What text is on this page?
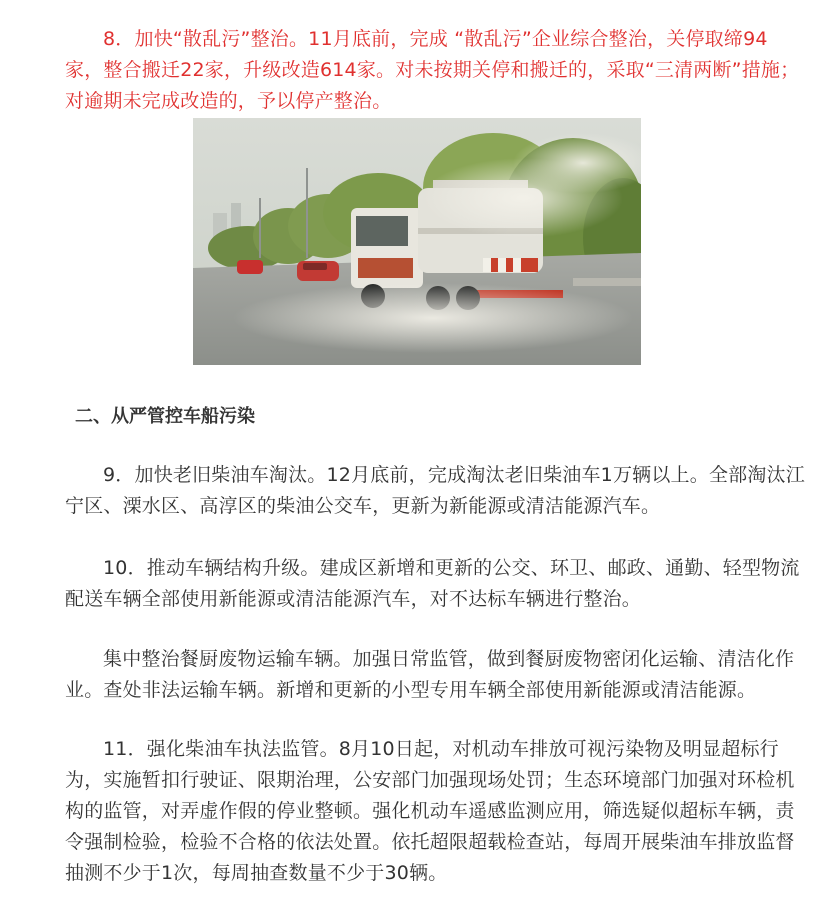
8．加快“散乱污”整治。11月底前，完成 “散乱污”企业综合整治，关停取缔94家，整合搬迁22家，升级改造614家。对未按期关停和搬迁的，采取“三清两断”措施；对逾期未完成改造的，予以停产整治。

二、从严管控车船污染

9．加快老旧柴油车淘汰。12月底前，完成淘汰老旧柴油车1万辆以上。全部淘汰江宁区、溧水区、高淳区的柴油公交车，更新为新能源或清洁能源汽车。

10．推动车辆结构升级。建成区新增和更新的公交、环卫、邮政、通勤、轻型物流配送车辆全部使用新能源或清洁能源汽车，对不达标车辆进行整治。

集中整治餐厨废物运输车辆。加强日常监管，做到餐厨废物密闭化运输、清洁化作业。查处非法运输车辆。新增和更新的小型专用车辆全部使用新能源或清洁能源。

11．强化柴油车执法监管。8月10日起，对机动车排放可视污染物及明显超标行为，实施暂扣行驶证、限期治理，公安部门加强现场处罚；生态环境部门加强对环检机构的监管，对弄虚作假的停业整顿。强化机动车遥感监测应用，筛选疑似超标车辆，责令强制检验，检验不合格的依法处置。依托超限超载检查站，每周开展柴油车排放监督抽测不少于1次，每周抽查数量不少于30辆。
